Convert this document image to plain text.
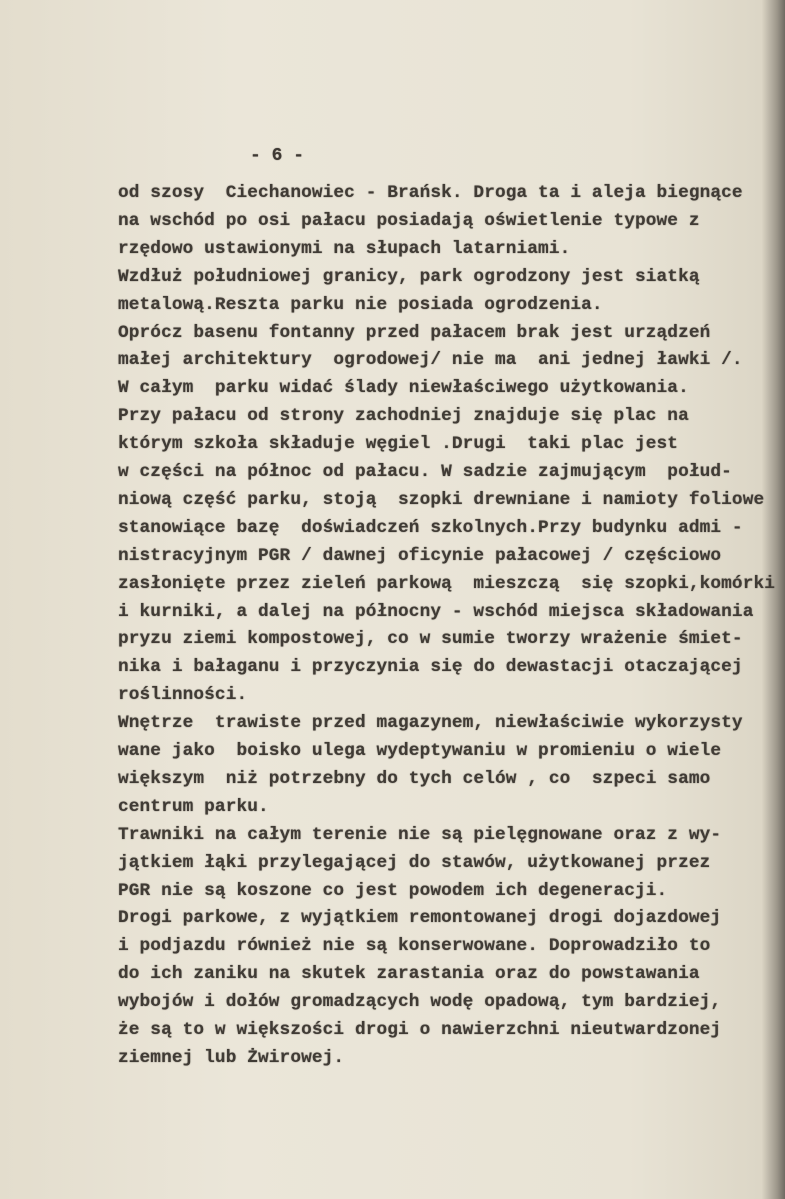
- 6 -
od szosy  Ciechanowiec - Brańsk. Droga ta i aleja biegnące
na wschód po osi pałacu posiadają oświetlenie typowe z
rzędowo ustawionymi na słupach latarniami.
Wzdłuż południowej granicy, park ogrodzony jest siatką
metalową.Reszta parku nie posiada ogrodzenia.
Oprócz basenu fontanny przed pałacem brak jest urządzeń
małej architektury  ogrodowej/ nie ma  ani jednej ławki /.
W całym  parku widać ślady niewłaściwego użytkowania.
Przy pałacu od strony zachodniej znajduje się plac na
którym szkoła składuje węgiel .Drugi  taki plac jest
w części na północ od pałacu. W sadzie zajmującym  połud-
niową część parku, stoją  szopki drewniane i namioty foliowe
stanowiące bazę  doświadczeń szkolnych.Przy budynku admi -
nistracyjnym PGR / dawnej oficynie pałacowej / częściowo
zasłonięte przez zieleń parkową  mieszczą  się szopki,komórki
i kurniki, a dalej na północny - wschód miejsca składowania
pryzu ziemi kompostowej, co w sumie tworzy wrażenie śmiet-
nika i bałaganu i przyczynia się do dewastacji otaczającej
roślinności.
Wnętrze  trawiste przed magazynem, niewłaściwie wykorzysty
wane jako  boisko ulega wydeptywaniu w promieniu o wiele
większym  niż potrzebny do tych celów , co  szpeci samo
centrum parku.
Trawniki na całym terenie nie są pielęgnowane oraz z wy-
jątkiem łąki przylegającej do stawów, użytkowanej przez
PGR nie są koszone co jest powodem ich degeneracji.
Drogi parkowe, z wyjątkiem remontowanej drogi dojazdowej
i podjazdu również nie są konserwowane. Doprowadziło to
do ich zaniku na skutek zarastania oraz do powstawania
wybojów i dołów gromadzących wodę opadową, tym bardziej,
że są to w większości drogi o nawierzchni nieutwardzonej
ziemnej lub Żwirowej.
